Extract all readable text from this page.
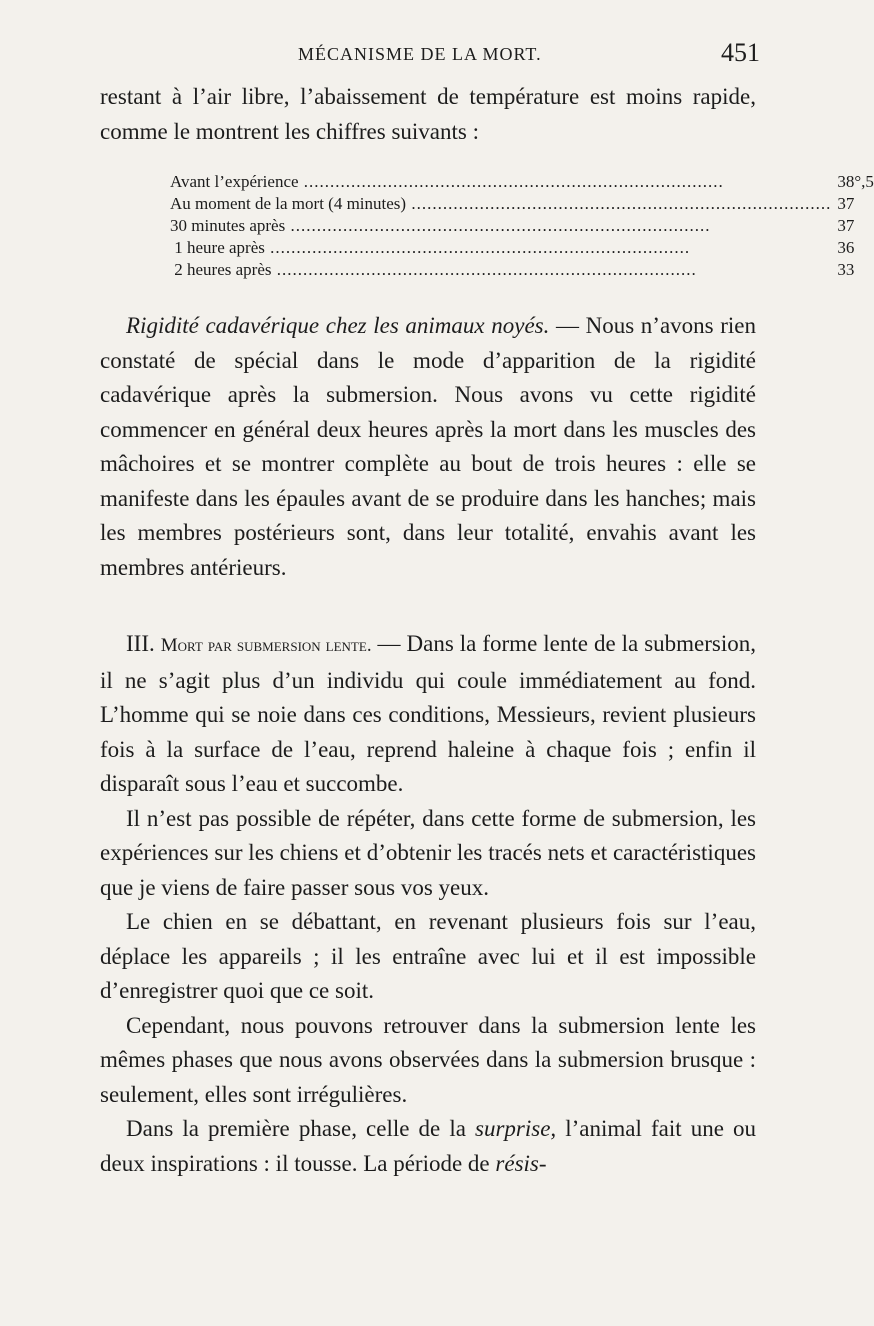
MÉCANISME DE LA MORT.	451

restant à l’air libre, l’abaissement de température est moins rapide, comme le montrent les chiffres suivants :

Avant l’expérience .....	38°,5
Au moment de la mort (4 minutes) .....	37
30 minutes après .....	37
1 heure après .....	36
2 heures après .....	33

Rigidité cadavérique chez les animaux noyés. — Nous n’avons rien constaté de spécial dans le mode d’apparition de la rigidité cadavérique après la submersion. Nous avons vu cette rigidité commencer en général deux heures après la mort dans les muscles des mâchoires et se montrer complète au bout de trois heures : elle se manifeste dans les épaules avant de se produire dans les hanches; mais les membres postérieurs sont, dans leur totalité, envahis avant les membres antérieurs.

III. Mort par submersion lente. — Dans la forme lente de la submersion, il ne s’agit plus d’un individu qui coule immédiatement au fond. L’homme qui se noie dans ces conditions, Messieurs, revient plusieurs fois à la surface de l’eau, reprend haleine à chaque fois ; enfin il disparaît sous l’eau et succombe.

Il n’est pas possible de répéter, dans cette forme de submersion, les expériences sur les chiens et d’obtenir les tracés nets et caractéristiques que je viens de faire passer sous vos yeux.

Le chien en se débattant, en revenant plusieurs fois sur l’eau, déplace les appareils ; il les entraîne avec lui et il est impossible d’enregistrer quoi que ce soit.

Cependant, nous pouvons retrouver dans la submersion lente les mêmes phases que nous avons observées dans la submersion brusque : seulement, elles sont irrégulières.

Dans la première phase, celle de la surprise, l’animal fait une ou deux inspirations : il tousse. La période de résis-
